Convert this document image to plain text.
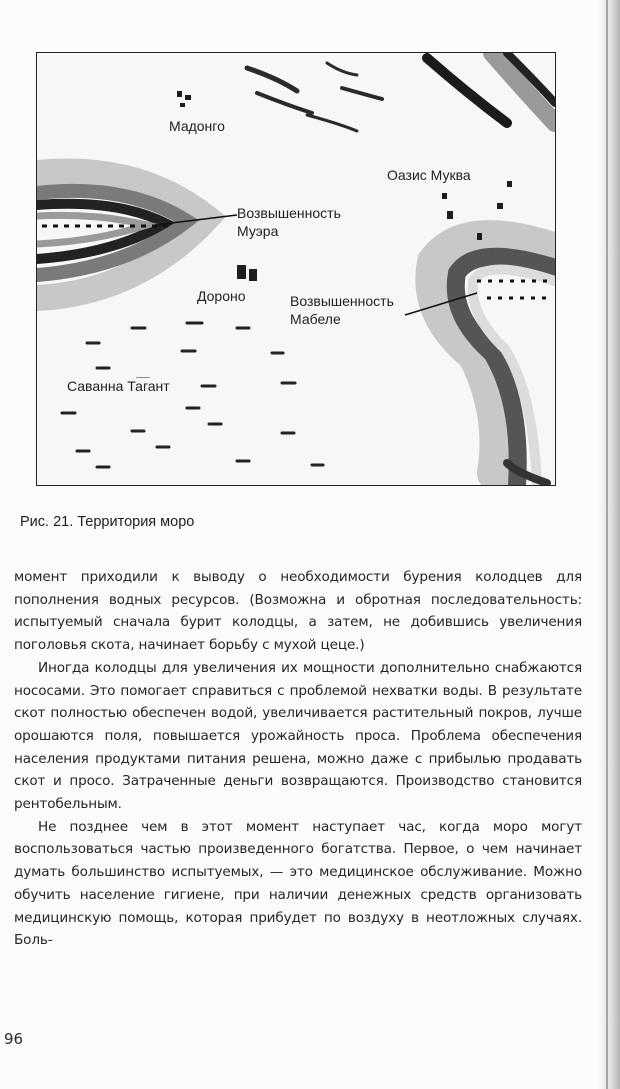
Мадонго
Оазис Муква
Возвышенность
Муэра
Дороно	Возвышенность
Мабеле
Саванна Тагант
Рис. 21. Территория моро

момент приходили к выводу о необходимости бурения колодцев для пополнения водных ресурсов. (Возможна и обротная последовательность: испытуемый сначала бурит колодцы, а затем, не добившись увеличения поголовья скота, начинает борьбу с мухой цеце.)

Иногда колодцы для увеличения их мощности дополнительно снабжаются нососами. Это помогает справиться с проблемой нехватки воды. В результате скот полностью обеспечен водой, увеличивается растительный покров, лучше орошаются поля, повышается урожайность проса. Проблема обеспечения населения продуктами питания решена, можно даже с прибылью продавать скот и просо. Затраченные деньги возвращаются. Производство становится рентобельным.

Не позднее чем в этот момент наступает час, когда моро могут воспользоваться частью произведенного богатства. Первое, о чем начинает думать большинство испытуемых, — это медицинское обслуживание. Можно обучить население гигиене, при наличии денежных средств организовать медицинскую помощь, которая прибудет по воздуху в неотложных случаях. Боль-

96
